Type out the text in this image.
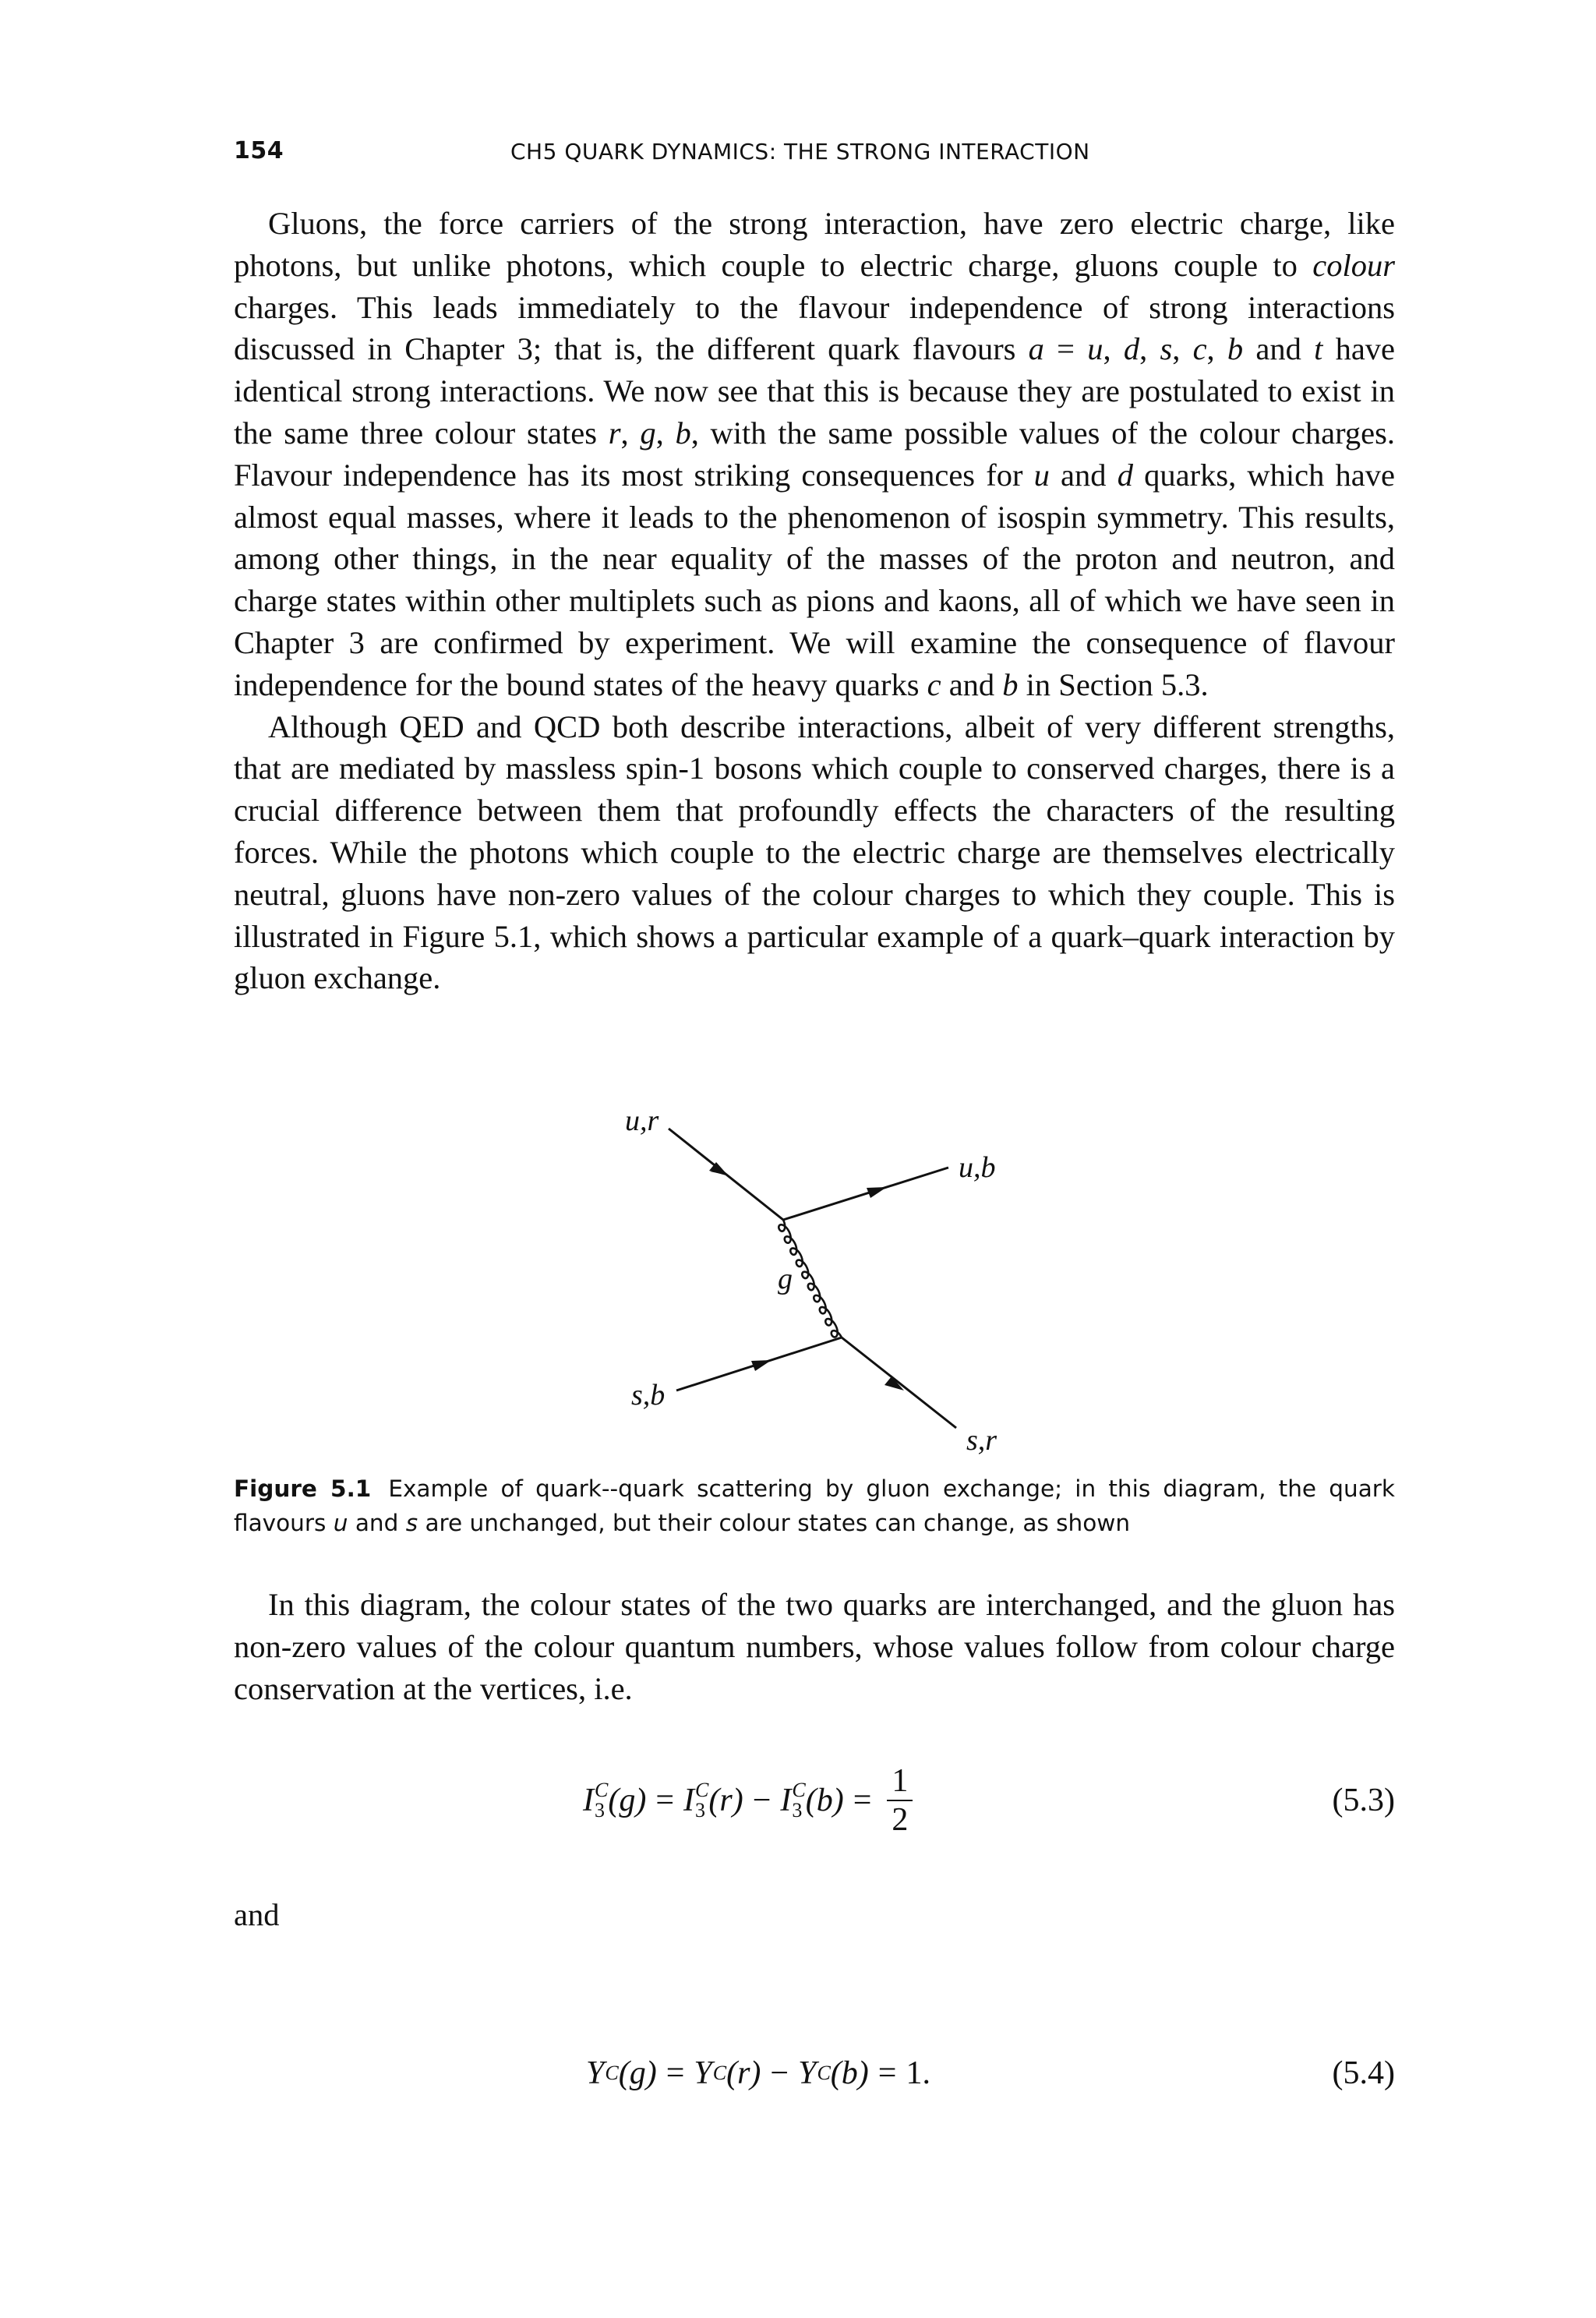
154	CH5 QUARK DYNAMICS: THE STRONG INTERACTION

Gluons, the force carriers of the strong interaction, have zero electric charge, like photons, but unlike photons, which couple to electric charge, gluons couple to colour charges. This leads immediately to the flavour independence of strong interactions discussed in Chapter 3; that is, the different quark flavours a = u, d, s, c, b and t have identical strong interactions. We now see that this is because they are postulated to exist in the same three colour states r, g, b, with the same possible values of the colour charges. Flavour independence has its most striking consequences for u and d quarks, which have almost equal masses, where it leads to the phenomenon of isospin symmetry. This results, among other things, in the near equality of the masses of the proton and neutron, and charge states within other multiplets such as pions and kaons, all of which we have seen in Chapter 3 are confirmed by experiment. We will examine the consequence of flavour independence for the bound states of the heavy quarks c and b in Section 5.3.

Although QED and QCD both describe interactions, albeit of very different strengths, that are mediated by massless spin-1 bosons which couple to conserved charges, there is a crucial difference between them that profoundly effects the characters of the resulting forces. While the photons which couple to the electric charge are themselves electrically neutral, gluons have non-zero values of the colour charges to which they couple. This is illustrated in Figure 5.1, which shows a particular example of a quark–quark interaction by gluon exchange.

u,r
u,b
g
s,b
s,r
Figure 5.1 Example of quark--quark scattering by gluon exchange; in this diagram, the quark flavours u and s are unchanged, but their colour states can change, as shown

In this diagram, the colour states of the two quarks are interchanged, and the gluon has non-zero values of the colour quantum numbers, whose values follow from colour charge conservation at the vertices, i.e.

I C
3 (g) = I C
3 (r) − I C
3 $(b) = \frac{1}{2}$	(5.3)
and
Y C (g) = Y C (r) − Y C (b) = 1.	(5.4)
